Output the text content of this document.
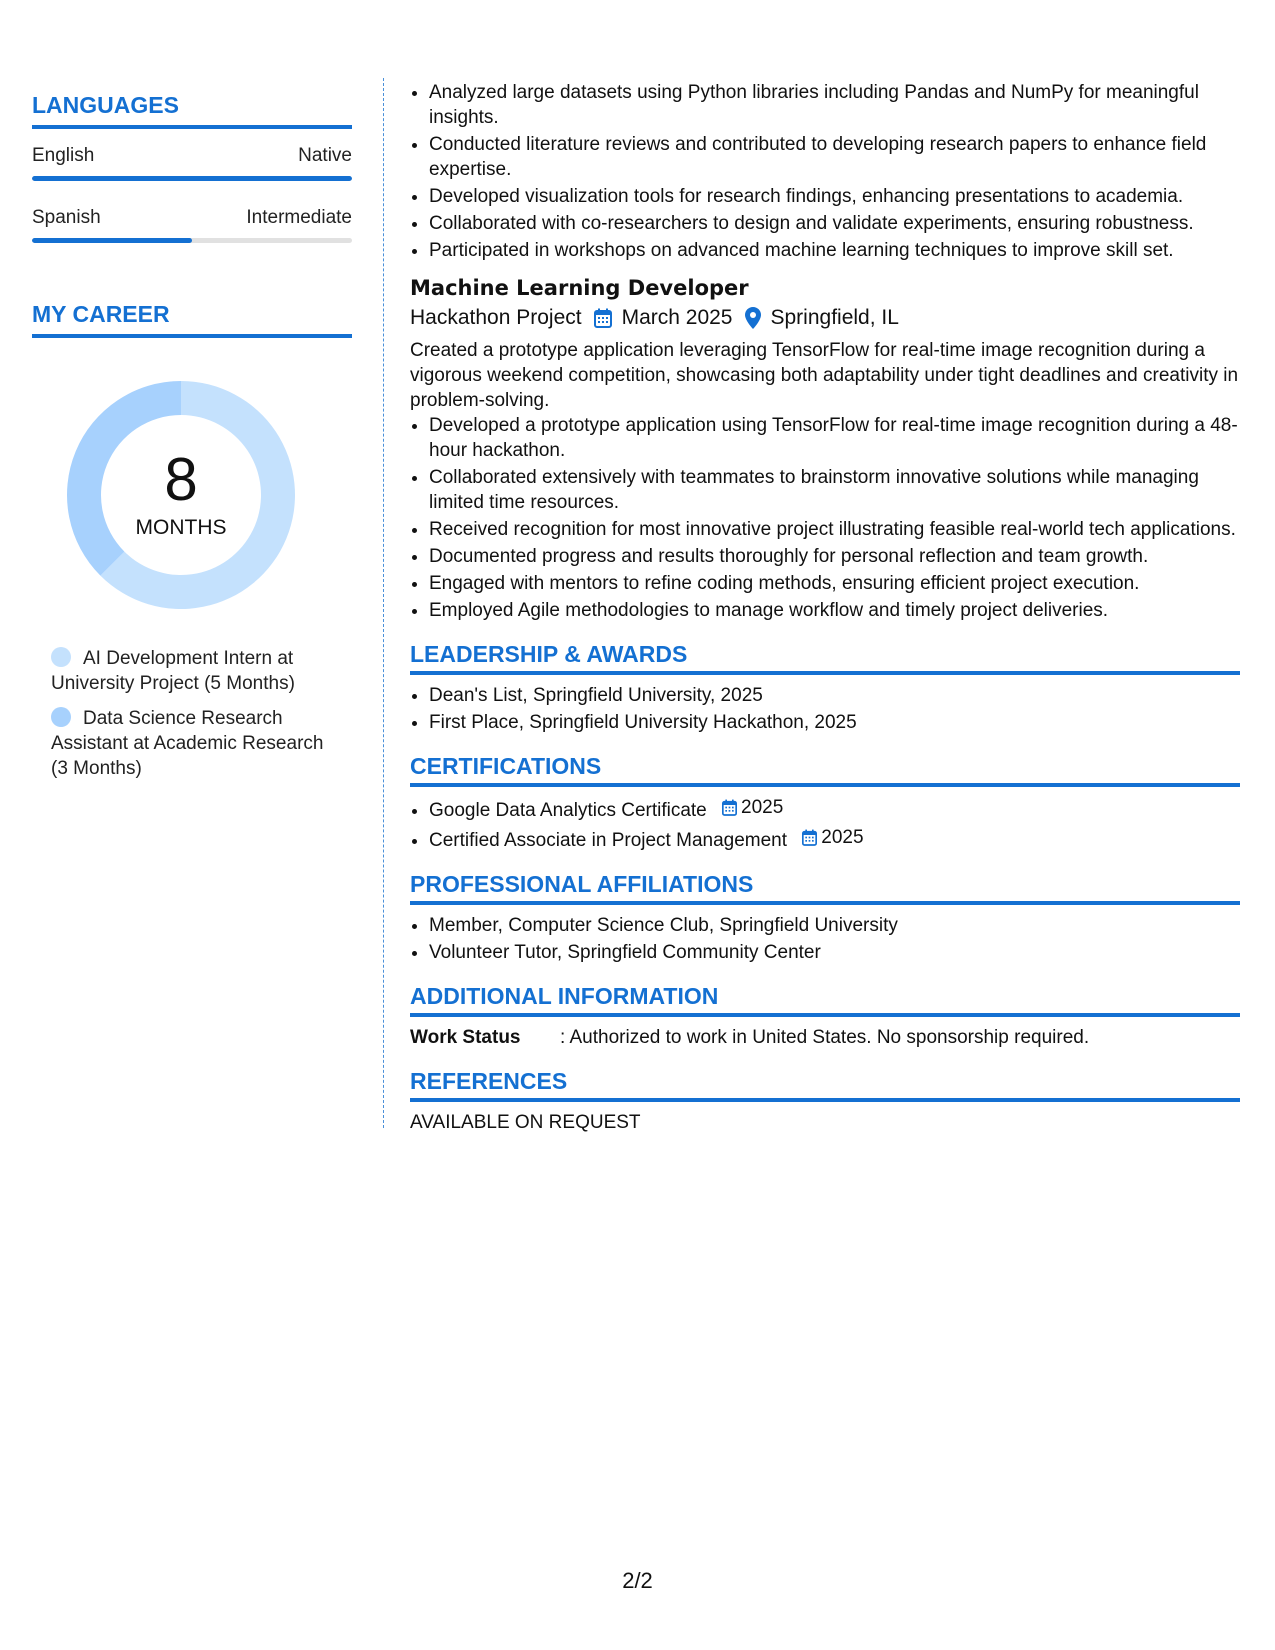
LANGUAGES
English	Native
Spanish	Intermediate
MY CAREER
8
MONTHS
AI Development Intern at University Project (5 Months)
Data Science Research Assistant at Academic Research (3 Months)
• Analyzed large datasets using Python libraries including Pandas and NumPy for meaningful insights.
• Conducted literature reviews and contributed to developing research papers to enhance field expertise.
• Developed visualization tools for research findings, enhancing presentations to academia.
• Collaborated with co-researchers to design and validate experiments, ensuring robustness.
• Participated in workshops on advanced machine learning techniques to improve skill set.
Machine Learning Developer
Hackathon Project March 2025 Springfield, IL
Created a prototype application leveraging TensorFlow for real-time image recognition during a vigorous weekend competition, showcasing both adaptability under tight deadlines and creativity in problem-solving.
• Developed a prototype application using TensorFlow for real-time image recognition during a 48-hour hackathon.
• Collaborated extensively with teammates to brainstorm innovative solutions while managing limited time resources.
• Received recognition for most innovative project illustrating feasible real-world tech applications.
• Documented progress and results thoroughly for personal reflection and team growth.
• Engaged with mentors to refine coding methods, ensuring efficient project execution.
• Employed Agile methodologies to manage workflow and timely project deliveries.
LEADERSHIP & AWARDS
• Dean's List, Springfield University, 2025
• First Place, Springfield University Hackathon, 2025
CERTIFICATIONS
• Google Data Analytics Certificate 2025
• Certified Associate in Project Management 2025
PROFESSIONAL AFFILIATIONS
• Member, Computer Science Club, Springfield University
• Volunteer Tutor, Springfield Community Center
ADDITIONAL INFORMATION
Work Status	: Authorized to work in United States. No sponsorship required.
REFERENCES
AVAILABLE ON REQUEST
2/2
